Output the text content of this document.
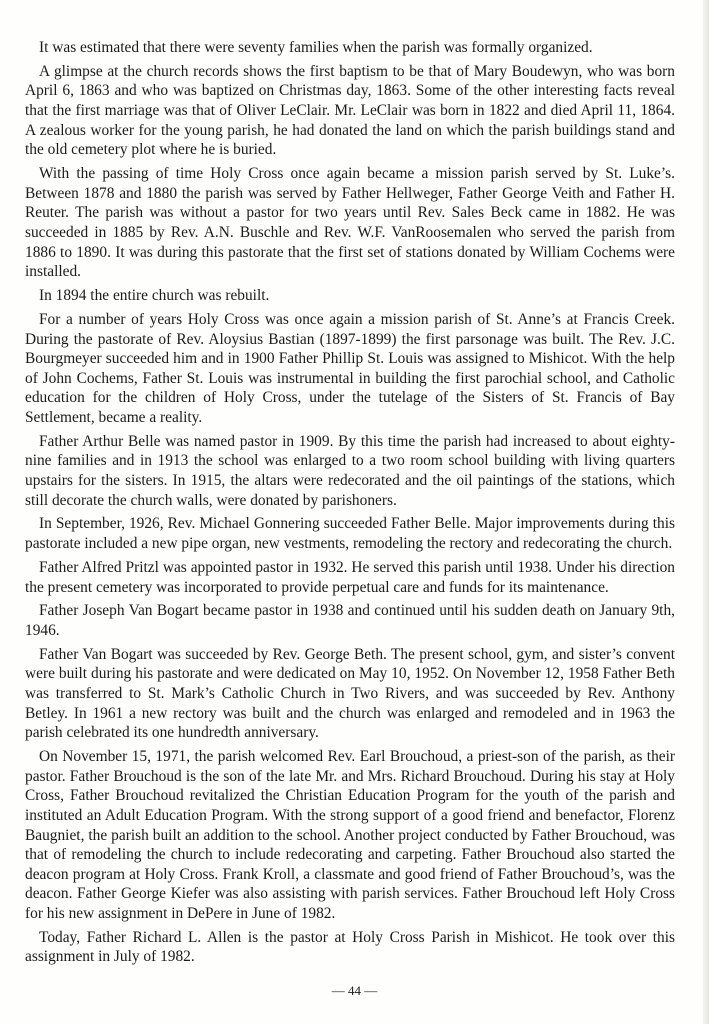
It was estimated that there were seventy families when the parish was formally organized.

A glimpse at the church records shows the first baptism to be that of Mary Boudewyn, who was born April 6, 1863 and who was baptized on Christmas day, 1863. Some of the other interesting facts reveal that the first marriage was that of Oliver LeClair. Mr. LeClair was born in 1822 and died April 11, 1864. A zealous worker for the young parish, he had donated the land on which the parish buildings stand and the old cemetery plot where he is buried.

With the passing of time Holy Cross once again became a mission parish served by St. Luke’s. Between 1878 and 1880 the parish was served by Father Hellweger, Father George Veith and Father H. Reuter. The parish was without a pastor for two years until Rev. Sales Beck came in 1882. He was succeeded in 1885 by Rev. A.N. Buschle and Rev. W.F. VanRoosemalen who served the parish from 1886 to 1890. It was during this pastorate that the first set of stations donated by William Cochems were installed.

In 1894 the entire church was rebuilt.

For a number of years Holy Cross was once again a mission parish of St. Anne’s at Francis Creek. During the pastorate of Rev. Aloysius Bastian (1897-1899) the first parsonage was built. The Rev. J.C. Bourgmeyer succeeded him and in 1900 Father Phillip St. Louis was assigned to Mishicot. With the help of John Cochems, Father St. Louis was instrumental in building the first parochial school, and Catholic education for the children of Holy Cross, under the tutelage of the Sisters of St. Francis of Bay Settlement, became a reality.

Father Arthur Belle was named pastor in 1909. By this time the parish had increased to about eighty-nine families and in 1913 the school was enlarged to a two room school building with living quarters upstairs for the sisters. In 1915, the altars were redecorated and the oil paintings of the stations, which still decorate the church walls, were donated by parishoners.

In September, 1926, Rev. Michael Gonnering succeeded Father Belle. Major improvements during this pastorate included a new pipe organ, new vestments, remodeling the rectory and redecorating the church.

Father Alfred Pritzl was appointed pastor in 1932. He served this parish until 1938. Under his direction the present cemetery was incorporated to provide perpetual care and funds for its maintenance.

Father Joseph Van Bogart became pastor in 1938 and continued until his sudden death on January 9th, 1946.

Father Van Bogart was succeeded by Rev. George Beth. The present school, gym, and sister’s convent were built during his pastorate and were dedicated on May 10, 1952. On November 12, 1958 Father Beth was transferred to St. Mark’s Catholic Church in Two Rivers, and was succeeded by Rev. Anthony Betley. In 1961 a new rectory was built and the church was enlarged and remodeled and in 1963 the parish celebrated its one hundredth anniversary.

On November 15, 1971, the parish welcomed Rev. Earl Brouchoud, a priest-son of the parish, as their pastor. Father Brouchoud is the son of the late Mr. and Mrs. Richard Brouchoud. During his stay at Holy Cross, Father Brouchoud revitalized the Christian Education Program for the youth of the parish and instituted an Adult Education Program. With the strong support of a good friend and benefactor, Florenz Baugniet, the parish built an addition to the school. Another project conducted by Father Brouchoud, was that of remodeling the church to include redecorating and carpeting. Father Brouchoud also started the deacon program at Holy Cross. Frank Kroll, a classmate and good friend of Father Brouchoud’s, was the deacon. Father George Kiefer was also assisting with parish services. Father Brouchoud left Holy Cross for his new assignment in DePere in June of 1982.

Today, Father Richard L. Allen is the pastor at Holy Cross Parish in Mishicot. He took over this assignment in July of 1982.

— 44 —
